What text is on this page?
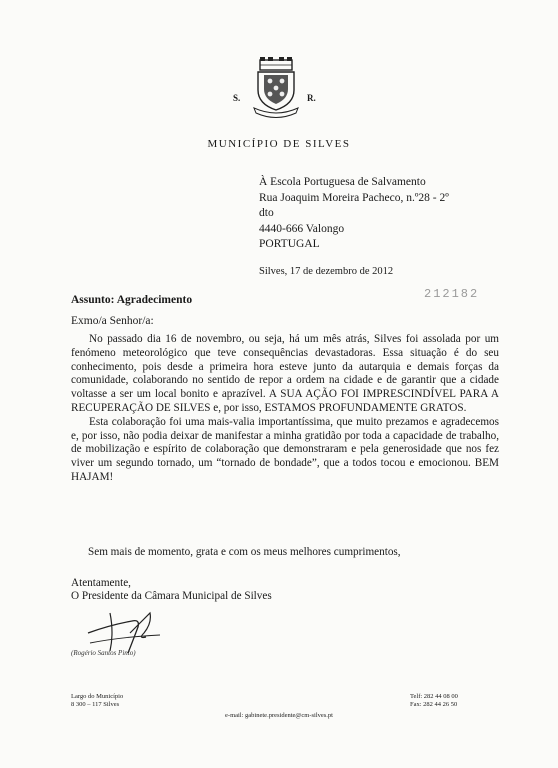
S.	R.
MUNICÍPIO DE SILVES
À Escola Portuguesa de Salvamento
Rua Joaquim Moreira Pacheco, n.º28 - 2º
dto
4440-666 Valongo
PORTUGAL
Silves, 17 de dezembro de 2012
212182
Assunto: Agradecimento
Exmo/a Senhor/a:

No passado dia 16 de novembro, ou seja, há um mês atrás, Silves foi assolada por um fenómeno meteorológico que teve consequências devastadoras. Essa situação é do seu conhecimento, pois desde a primeira hora esteve junto da autarquia e demais forças da comunidade, colaborando no sentido de repor a ordem na cidade e de garantir que a cidade voltasse a ser um local bonito e aprazível. A SUA AÇÃO FOI IMPRESCINDÍVEL PARA A RECUPERAÇÃO DE SILVES e, por isso, ESTAMOS PROFUNDAMENTE GRATOS.

Esta colaboração foi uma mais-valia importantíssima, que muito prezamos e agradecemos e, por isso, não podia deixar de manifestar a minha gratidão por toda a capacidade de trabalho, de mobilização e espírito de colaboração que demonstraram e pela generosidade que nos fez viver um segundo tornado, um “tornado de bondade”, que a todos tocou e emocionou. BEM HAJAM!

Sem mais de momento, grata e com os meus melhores cumprimentos,
Atentamente,
O Presidente da Câmara Municipal de Silves
(Rogério Santos Pinto)
Largo do Município
8 300 – 117 Silves
Telf: 282 44 08 00
Fax: 282 44 26 50
e-mail: gabinete.presidente@cm-silves.pt
